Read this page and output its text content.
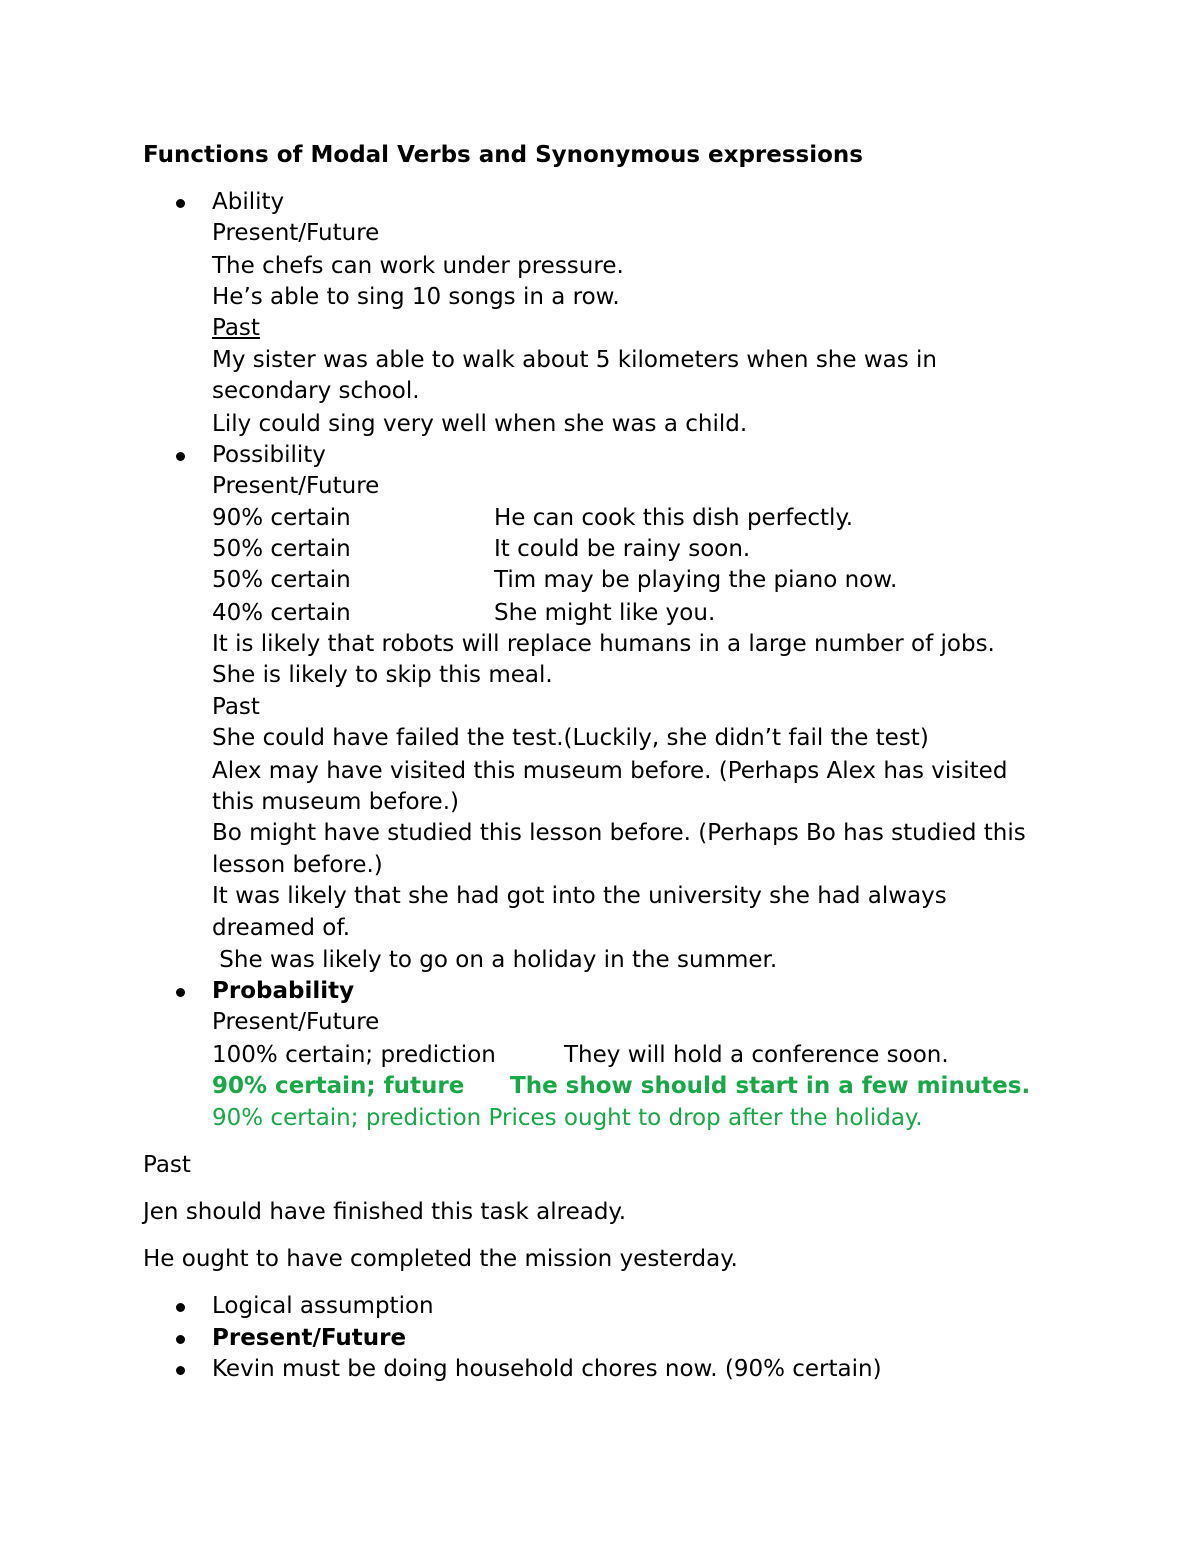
Functions of Modal Verbs and Synonymous expressions
Ability
Present/Future
The chefs can work under pressure.
He’s able to sing 10 songs in a row.
Past
My sister was able to walk about 5 kilometers when she was in
secondary school.
Lily could sing very well when she was a child.
Possibility
Present/Future
90% certain	He can cook this dish perfectly.
50% certain	It could be rainy soon.
50% certain	Tim may be playing the piano now.
40% certain	She might like you.
It is likely that robots will replace humans in a large number of jobs.
She is likely to skip this meal.
Past
She could have failed the test.(Luckily, she didn’t fail the test)
Alex may have visited this museum before. (Perhaps Alex has visited
this museum before.)
Bo might have studied this lesson before. (Perhaps Bo has studied this
lesson before.)
It was likely that she had got into the university she had always
dreamed of.
She was likely to go on a holiday in the summer.
Probability
Present/Future
100% certain; prediction	They will hold a conference soon.
90% certain; future The show should start in a few minutes.
90% certain; prediction Prices ought to drop after the holiday.
Past
Jen should have finished this task already.
He ought to have completed the mission yesterday.
Logical assumption
Present/Future
Kevin must be doing household chores now. (90% certain)
